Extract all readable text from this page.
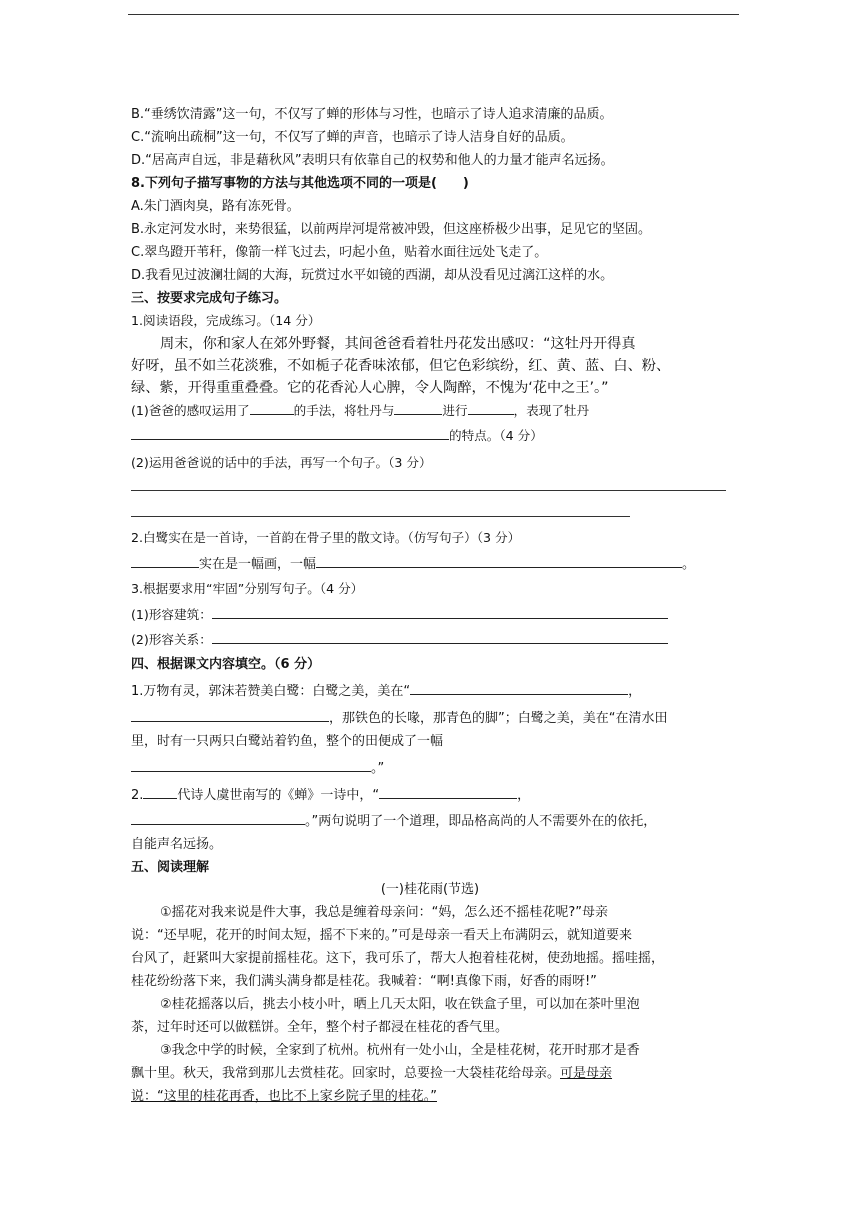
B.“垂绣饮清露”这一句，不仅写了蝉的形体与习性，也暗示了诗人追求清廉的品质。
C.“流响出疏桐”这一句，不仅写了蝉的声音，也暗示了诗人洁身自好的品质。
D.“居高声自远，非是藉秋风”表明只有依靠自己的权势和他人的力量才能声名远扬。
8.下列句子描写事物的方法与其他选项不同的一项是(　　)
A.朱门酒肉臭，路有冻死骨。
B.永定河发水时，来势很猛，以前两岸河堤常被冲毁，但这座桥极少出事，足见它的坚固。
C.翠鸟蹬开苇秆，像箭一样飞过去，叼起小鱼，贴着水面往远处飞走了。
D.我看见过波澜壮阔的大海，玩赏过水平如镜的西湖，却从没看见过漓江这样的水。
三、按要求完成句子练习。
1.阅读语段，完成练习。（14 分）
周末，你和家人在郊外野餐，其间爸爸看着牡丹花发出感叹：“这牡丹开得真
好呀，虽不如兰花淡雅，不如栀子花香味浓郁，但它色彩缤纷，红、黄、蓝、白、粉、
绿、紫，开得重重叠叠。它的花香沁人心脾，令人陶醉，不愧为‘花中之王’。”
(1)爸爸的感叹运用了	的手法，将牡丹与	进行	，表现了牡丹
的特点。（4 分）
(2)运用爸爸说的话中的手法，再写一个句子。（3 分）
2.白鹭实在是一首诗，一首韵在骨子里的散文诗。（仿写句子）（3 分）
实在是一幅画，一幅	。
3.根据要求用“牢固”分别写句子。（4 分）
(1)形容建筑：
(2)形容关系：
四、根据课文内容填空。（6 分）
1.万物有灵，郭沫若赞美白鹭：白鹭之美，美在“	，
，那铁色的长喙，那青色的脚”；白鹭之美，美在“在清水田
里，时有一只两只白鹭站着钓鱼，整个的田便成了一幅
。”
2.	代诗人虞世南写的《蝉》一诗中，“	，
。”两句说明了一个道理，即品格高尚的人不需要外在的依托，
自能声名远扬。
五、阅读理解
(一)桂花雨(节选)
①摇花对我来说是件大事，我总是缠着母亲问：“妈，怎么还不摇桂花呢?”母亲
说：“还早呢，花开的时间太短，摇不下来的。”可是母亲一看天上布满阴云，就知道要来
台风了，赶紧叫大家提前摇桂花。这下，我可乐了，帮大人抱着桂花树，使劲地摇。摇哇摇，
桂花纷纷落下来，我们满头满身都是桂花。我喊着：“啊!真像下雨，好香的雨呀!”
②桂花摇落以后，挑去小枝小叶，晒上几天太阳，收在铁盒子里，可以加在茶叶里泡
茶，过年时还可以做糕饼。全年，整个村子都浸在桂花的香气里。
③我念中学的时候，全家到了杭州。杭州有一处小山，全是桂花树，花开时那才是香
飘十里。秋天，我常到那儿去赏桂花。回家时，总要捡一大袋桂花给母亲。可是母亲
说：“这里的桂花再香，也比不上家乡院子里的桂花。”
